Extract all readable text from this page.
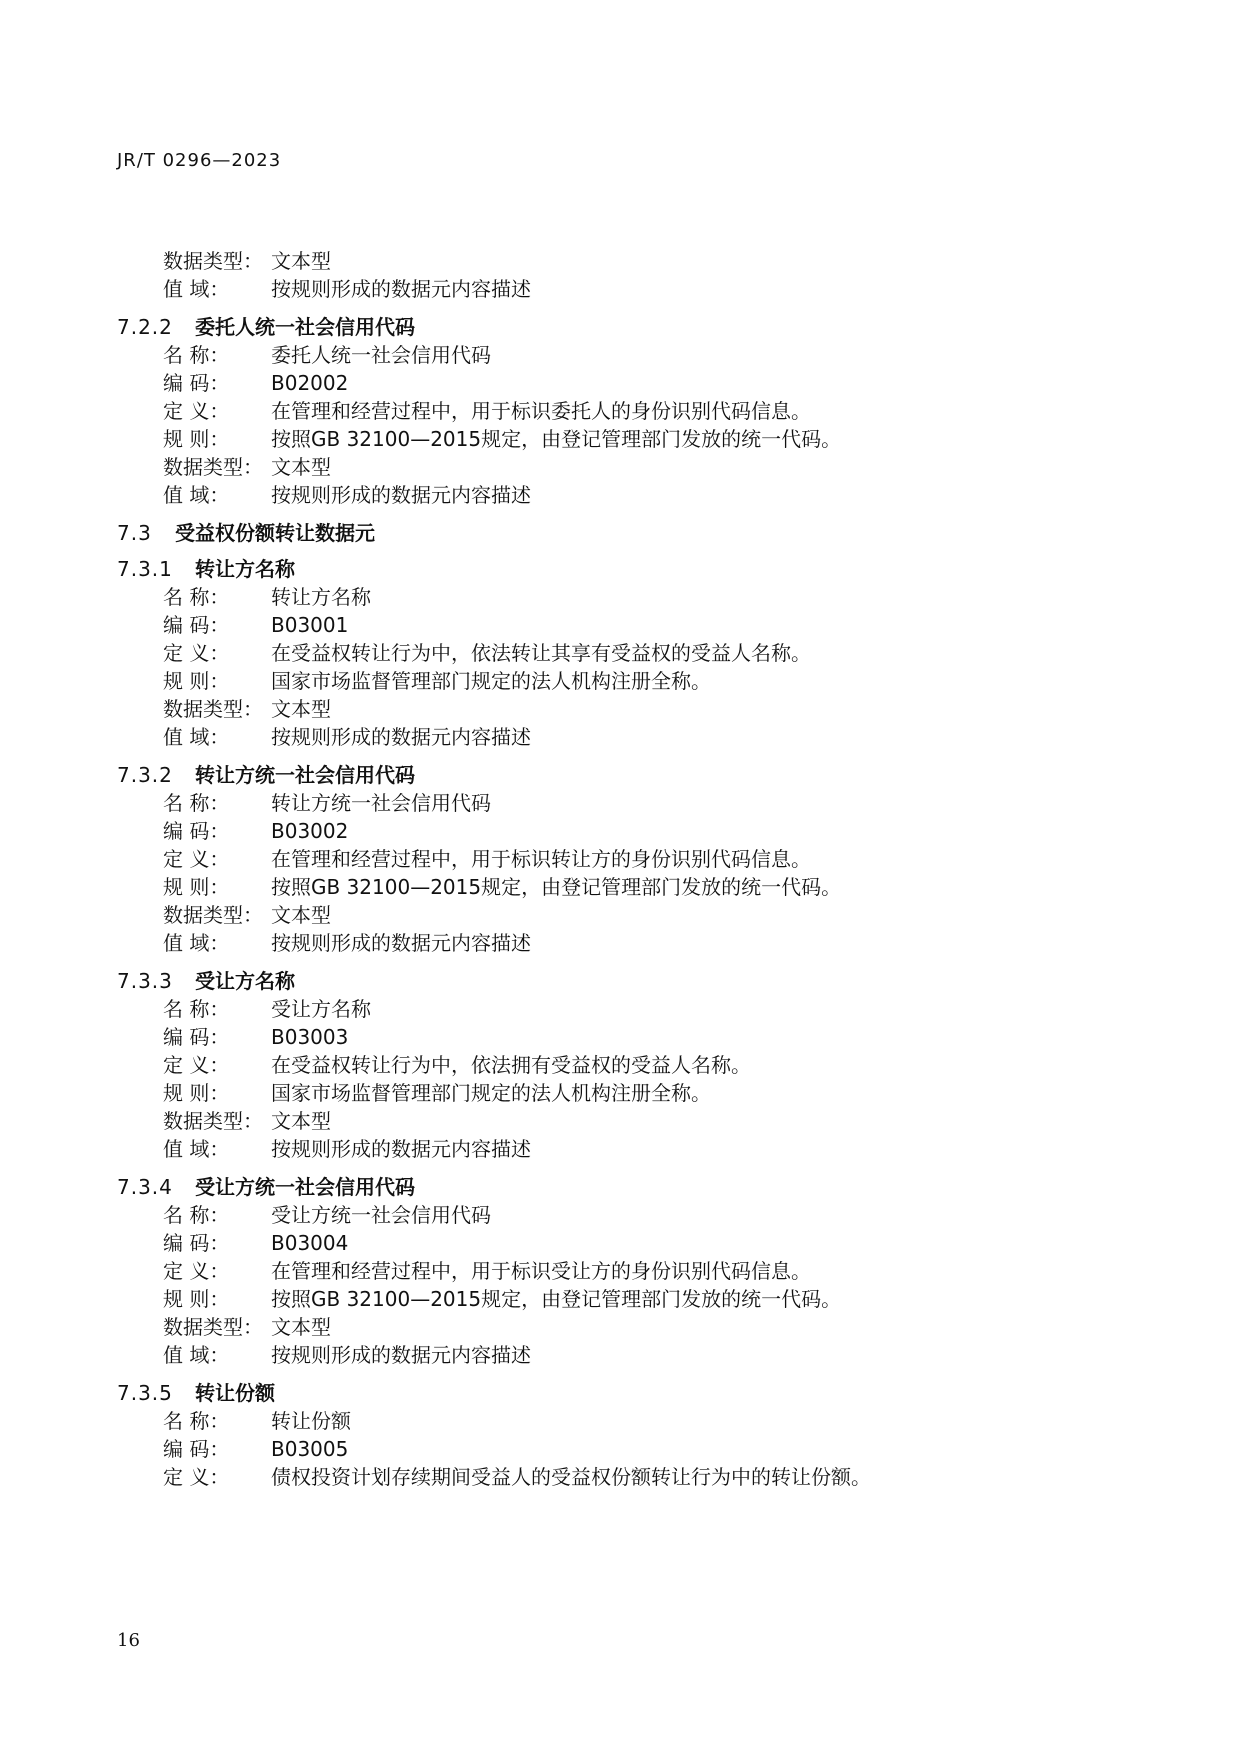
JR/T 0296—2023
数据类型： 文本型
值 域： 按规则形成的数据元内容描述
7.2.2 委托人统一社会信用代码
名 称： 委托人统一社会信用代码
编 码： B02002
定 义： 在管理和经营过程中，用于标识委托人的身份识别代码信息。
规 则： 按照GB 32100—2015规定，由登记管理部门发放的统一代码。
数据类型： 文本型
值 域： 按规则形成的数据元内容描述
7.3 受益权份额转让数据元
7.3.1 转让方名称
名 称： 转让方名称
编 码： B03001
定 义： 在受益权转让行为中，依法转让其享有受益权的受益人名称。
规 则： 国家市场监督管理部门规定的法人机构注册全称。
数据类型： 文本型
值 域： 按规则形成的数据元内容描述
7.3.2 转让方统一社会信用代码
名 称： 转让方统一社会信用代码
编 码： B03002
定 义： 在管理和经营过程中，用于标识转让方的身份识别代码信息。
规 则： 按照GB 32100—2015规定，由登记管理部门发放的统一代码。
数据类型： 文本型
值 域： 按规则形成的数据元内容描述
7.3.3 受让方名称
名 称： 受让方名称
编 码： B03003
定 义： 在受益权转让行为中，依法拥有受益权的受益人名称。
规 则： 国家市场监督管理部门规定的法人机构注册全称。
数据类型： 文本型
值 域： 按规则形成的数据元内容描述
7.3.4 受让方统一社会信用代码
名 称： 受让方统一社会信用代码
编 码： B03004
定 义： 在管理和经营过程中，用于标识受让方的身份识别代码信息。
规 则： 按照GB 32100—2015规定，由登记管理部门发放的统一代码。
数据类型： 文本型
值 域： 按规则形成的数据元内容描述
7.3.5 转让份额
名 称： 转让份额
编 码： B03005
定 义： 债权投资计划存续期间受益人的受益权份额转让行为中的转让份额。
16
